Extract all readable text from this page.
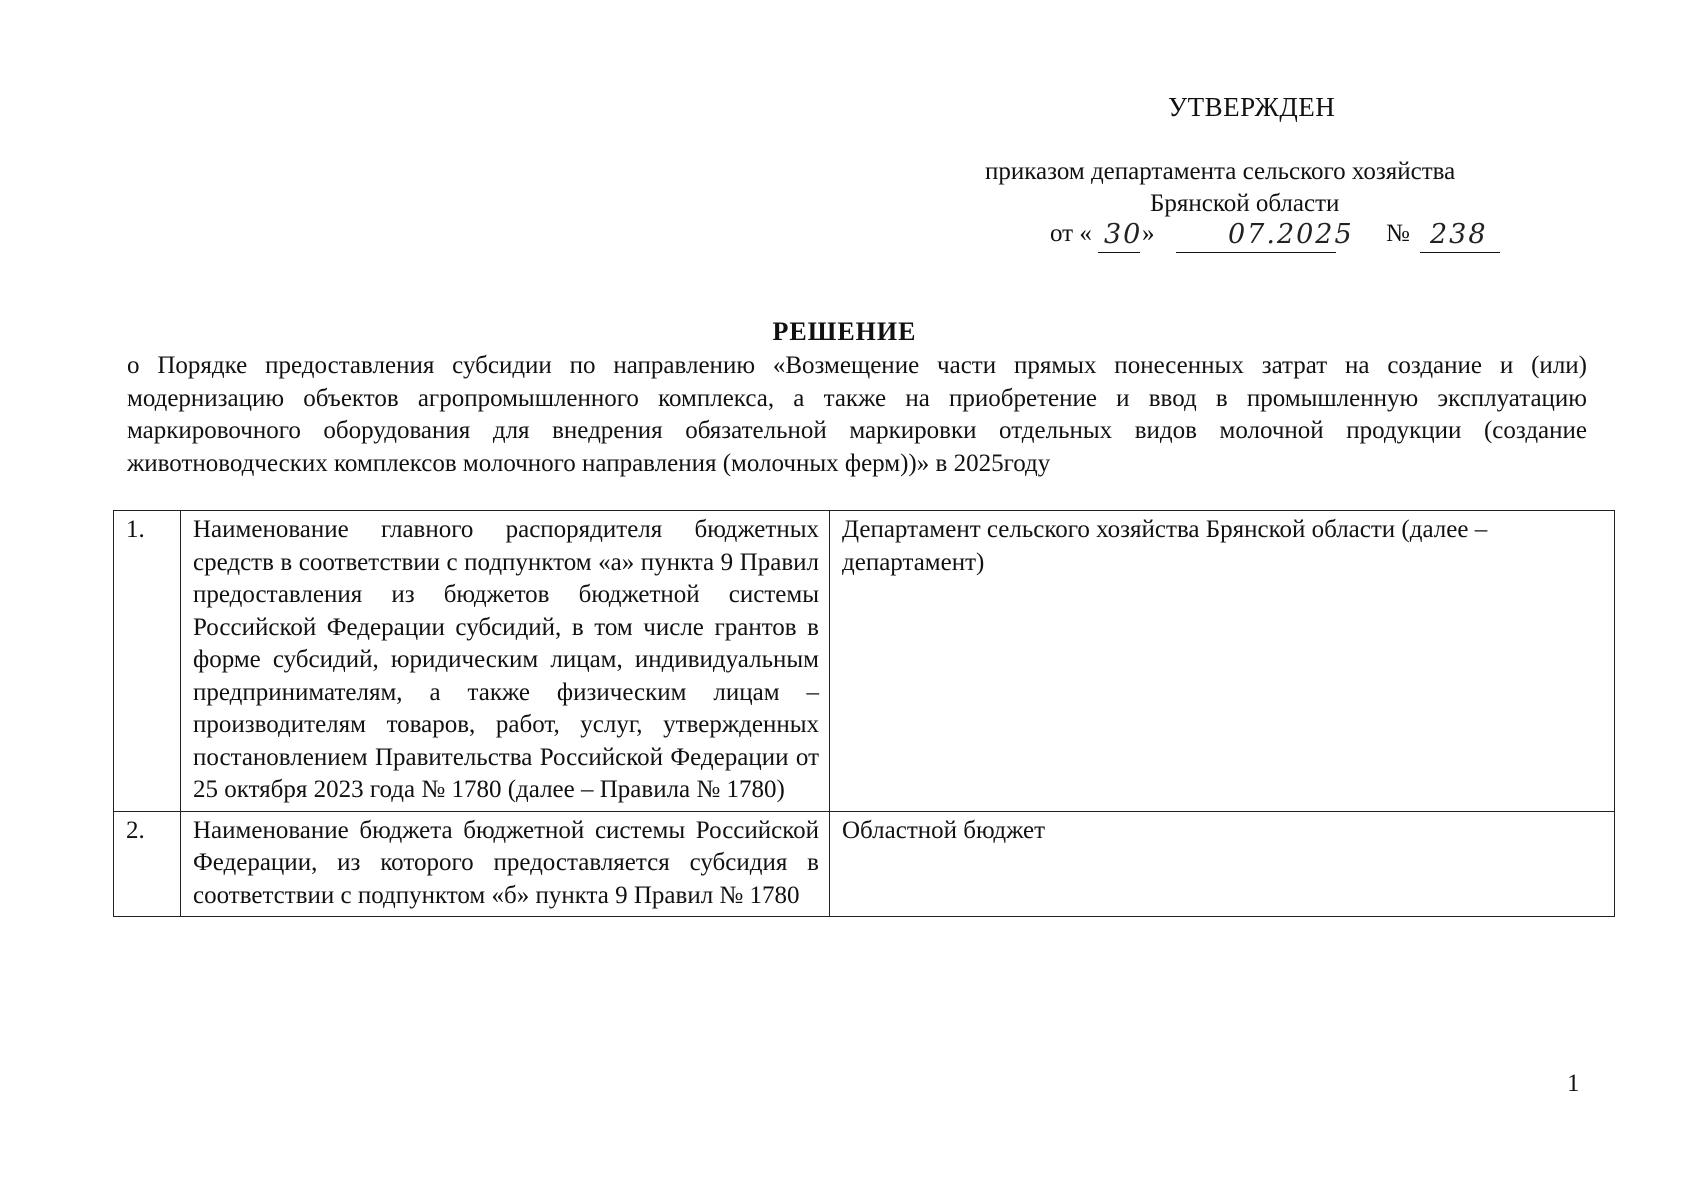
УТВЕРЖДЕН
приказом департамента сельского хозяйства
Брянской области
от « 30 »	07.2025 № 238
РЕШЕНИЕ
о Порядке предоставления субсидии по направлению «Возмещение части прямых понесенных затрат на создание и (или) модернизацию объектов агропромышленного комплекса, а также на приобретение и ввод в промышленную эксплуатацию маркировочного оборудования для внедрения обязательной маркировки отдельных видов молочной продукции (создание животноводческих комплексов молочного направления (молочных ферм))» в 2025году
1.	Наименование главного распорядителя бюджетных средств в соответствии с подпунктом «а» пункта 9 Правил предоставления из бюджетов бюджетной системы Российской Федерации субсидий, в том числе грантов в форме субсидий, юридическим лицам, индивидуальным предпринимателям, а также физическим лицам – производителям товаров, работ, услуг, утвержденных постановлением Правительства Российской Федерации от 25 октября 2023 года № 1780 (далее – Правила № 1780)	Департамент сельского хозяйства Брянской области (далее – департамент)
2.	Наименование бюджета бюджетной системы Российской Федерации, из которого предоставляется субсидия в соответствии с подпунктом «б» пункта 9 Правил № 1780	Областной бюджет
1
